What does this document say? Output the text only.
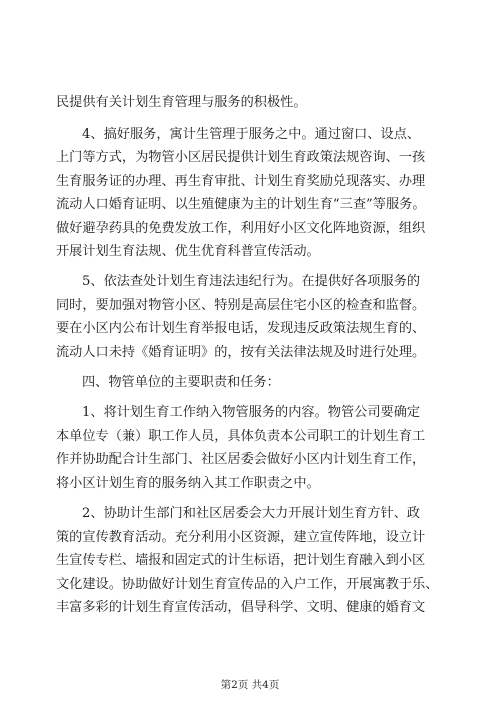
民提供有关计划生育管理与服务的积极性。
4、搞好服务，寓计生管理于服务之中。通过窗口、设点、
上门等方式，为物管小区居民提供计划生育政策法规咨询、一孩
生育服务证的办理、再生育审批、计划生育奖励兑现落实、办理
流动人口婚育证明、以生殖健康为主的计划生育“三查”等服务。
做好避孕药具的免费发放工作，利用好小区文化阵地资源，组织
开展计划生育法规、优生优育科普宣传活动。
5、依法查处计划生育违法违纪行为。在提供好各项服务的
同时，要加强对物管小区、特别是高层住宅小区的检查和监督。
要在小区内公布计划生育举报电话，发现违反政策法规生育的、
流动人口未持《婚育证明》的，按有关法律法规及时进行处理。
四、物管单位的主要职责和任务：
1、将计划生育工作纳入物管服务的内容。物管公司要确定
本单位专（兼）职工作人员，具体负责本公司职工的计划生育工
作并协助配合计生部门、社区居委会做好小区内计划生育工作，
将小区计划生育的服务纳入其工作职责之中。
2、协助计生部门和社区居委会大力开展计划生育方针、政
策的宣传教育活动。充分利用小区资源，建立宣传阵地，设立计
生宣传专栏、墙报和固定式的计生标语，把计划生育融入到小区
文化建设。协助做好计划生育宣传品的入户工作，开展寓教于乐、
丰富多彩的计划生育宣传活动，倡导科学、文明、健康的婚育文
第2页 共4页
